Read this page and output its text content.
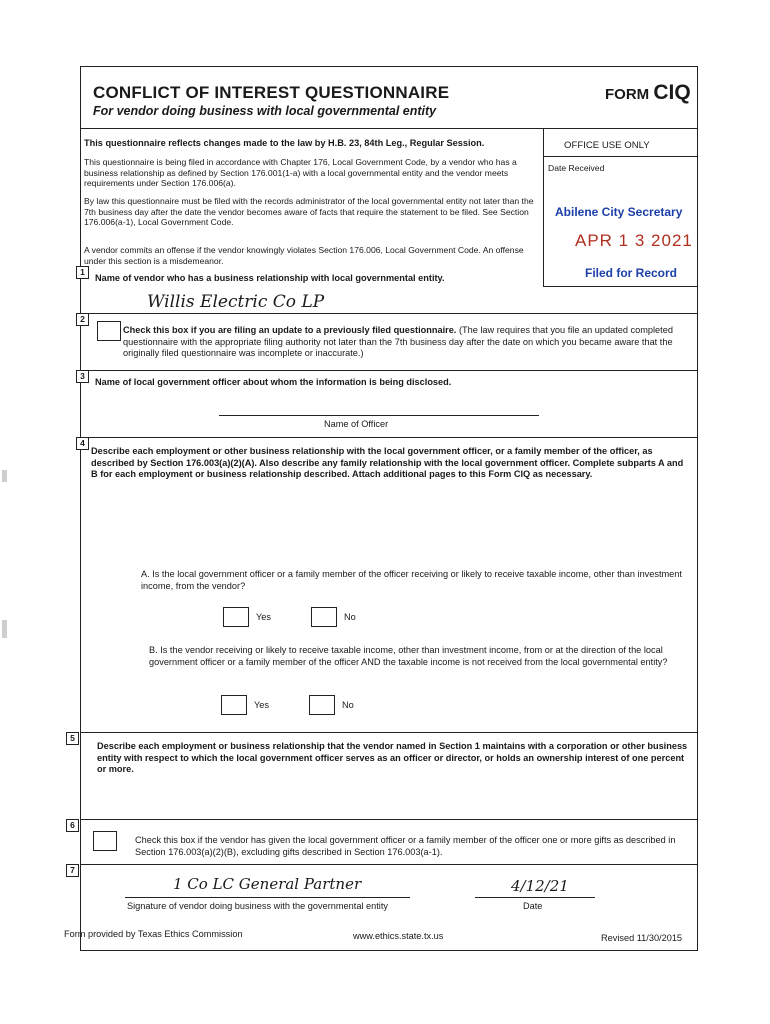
CONFLICT OF INTEREST QUESTIONNAIRE	FORM CIQ
For vendor doing business with local governmental entity
This questionnaire reflects changes made to the law by H.B. 23, 84th Leg., Regular Session.
This questionnaire is being filed in accordance with Chapter 176, Local Government Code, by a vendor who has a business relationship as defined by Section 176.001(1-a) with a local governmental entity and the vendor meets requirements under Section 176.006(a).
By law this questionnaire must be filed with the records administrator of the local governmental entity not later than the 7th business day after the date the vendor becomes aware of facts that require the statement to be filed. See Section 176.006(a-1), Local Government Code.
A vendor commits an offense if the vendor knowingly violates Section 176.006, Local Government Code. An offense under this section is a misdemeanor.
OFFICE USE ONLY
Date Received
Abilene City Secretary
APR 1 3 2021
Filed for Record
1
Name of vendor who has a business relationship with local governmental entity.
Willis Electric Co LP
2
Check this box if you are filing an update to a previously filed questionnaire. (The law requires that you file an updated completed questionnaire with the appropriate filing authority not later than the 7th business day after the date on which you became aware that the originally filed questionnaire was incomplete or inaccurate.)
3
Name of local government officer about whom the information is being disclosed.
Name of Officer
4
Describe each employment or other business relationship with the local government officer, or a family member of the officer, as described by Section 176.003(a)(2)(A). Also describe any family relationship with the local government officer. Complete subparts A and B for each employment or business relationship described. Attach additional pages to this Form CIQ as necessary.
A. Is the local government officer or a family member of the officer receiving or likely to receive taxable income, other than investment income, from the vendor?
Yes	No
B. Is the vendor receiving or likely to receive taxable income, other than investment income, from or at the direction of the local government officer or a family member of the officer AND the taxable income is not received from the local governmental entity?
Yes	No
5
Describe each employment or business relationship that the vendor named in Section 1 maintains with a corporation or other business entity with respect to which the local government officer serves as an officer or director, or holds an ownership interest of one percent or more.
6
Check this box if the vendor has given the local government officer or a family member of the officer one or more gifts as described in Section 176.003(a)(2)(B), excluding gifts described in Section 176.003(a-1).
7
1 Co LC General Partner
Signature of vendor doing business with the governmental entity
4/12/21
Date
Form provided by Texas Ethics Commission	www.ethics.state.tx.us	Revised 11/30/2015
